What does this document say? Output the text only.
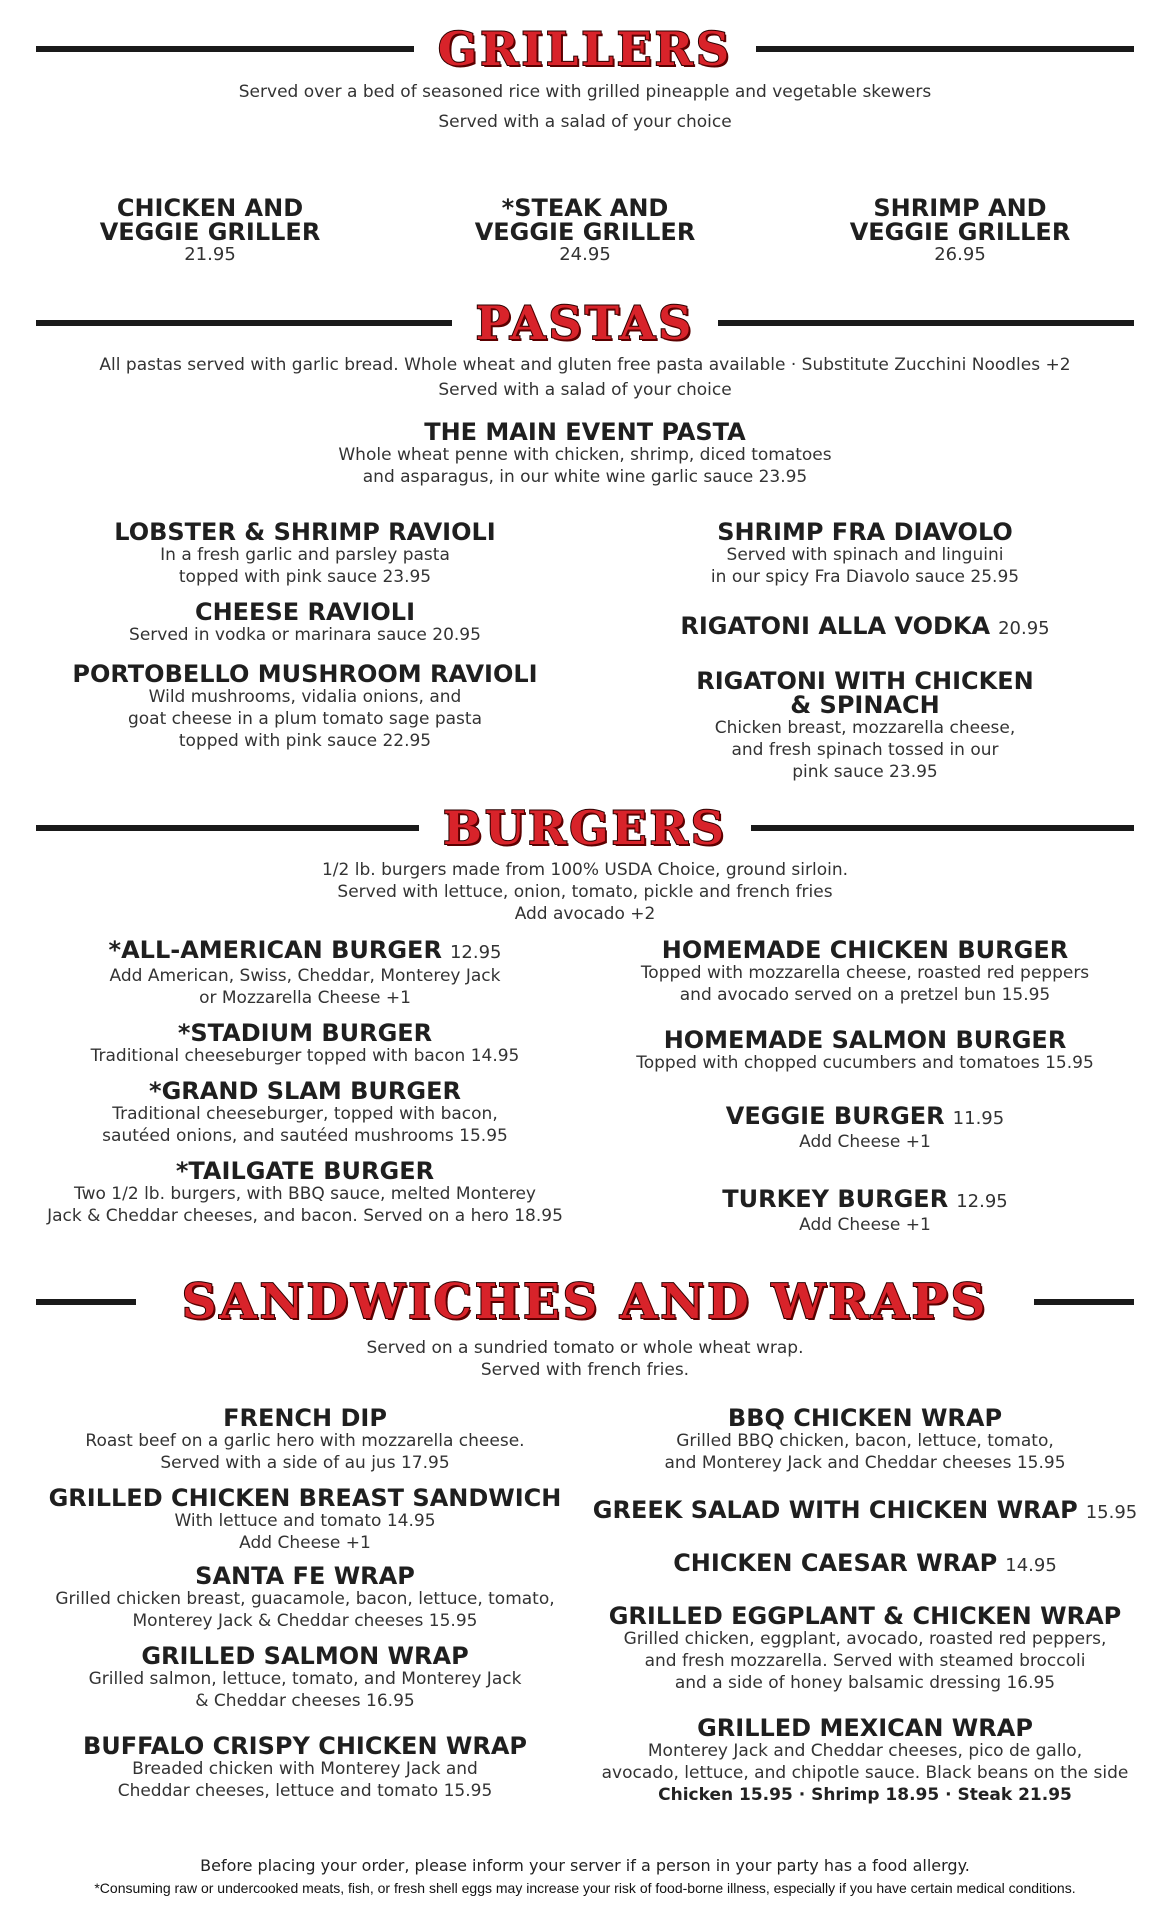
GRILLERS
Served over a bed of seasoned rice with grilled pineapple and vegetable skewers
Served with a salad of your choice
CHICKEN AND
VEGGIE GRILLER
21.95
*STEAK AND
VEGGIE GRILLER
24.95
SHRIMP AND
VEGGIE GRILLER
26.95
PASTAS
All pastas served with garlic bread. Whole wheat and gluten free pasta available · Substitute Zucchini Noodles +2
Served with a salad of your choice
THE MAIN EVENT PASTA
Whole wheat penne with chicken, shrimp, diced tomatoes
and asparagus, in our white wine garlic sauce 23.95
LOBSTER & SHRIMP RAVIOLI
In a fresh garlic and parsley pasta
topped with pink sauce 23.95
CHEESE RAVIOLI
Served in vodka or marinara sauce 20.95
PORTOBELLO MUSHROOM RAVIOLI
Wild mushrooms, vidalia onions, and
goat cheese in a plum tomato sage pasta
topped with pink sauce 22.95
SHRIMP FRA DIAVOLO
Served with spinach and linguini
in our spicy Fra Diavolo sauce 25.95
RIGATONI ALLA VODKA 20.95
RIGATONI WITH CHICKEN
& SPINACH
Chicken breast, mozzarella cheese,
and fresh spinach tossed in our
pink sauce 23.95
BURGERS
1/2 lb. burgers made from 100% USDA Choice, ground sirloin.
Served with lettuce, onion, tomato, pickle and french fries
Add avocado +2
*ALL-AMERICAN BURGER 12.95
Add American, Swiss, Cheddar, Monterey Jack
or Mozzarella Cheese +1
*STADIUM BURGER
Traditional cheeseburger topped with bacon 14.95
*GRAND SLAM BURGER
Traditional cheeseburger, topped with bacon,
sautéed onions, and sautéed mushrooms 15.95
*TAILGATE BURGER
Two 1/2 lb. burgers, with BBQ sauce, melted Monterey
Jack & Cheddar cheeses, and bacon. Served on a hero 18.95
HOMEMADE CHICKEN BURGER
Topped with mozzarella cheese, roasted red peppers
and avocado served on a pretzel bun 15.95
HOMEMADE SALMON BURGER
Topped with chopped cucumbers and tomatoes 15.95
VEGGIE BURGER 11.95
Add Cheese +1
TURKEY BURGER 12.95
Add Cheese +1
SANDWICHES AND WRAPS
Served on a sundried tomato or whole wheat wrap.
Served with french fries.
FRENCH DIP
Roast beef on a garlic hero with mozzarella cheese.
Served with a side of au jus 17.95
GRILLED CHICKEN BREAST SANDWICH
With lettuce and tomato 14.95
Add Cheese +1
SANTA FE WRAP
Grilled chicken breast, guacamole, bacon, lettuce, tomato,
Monterey Jack & Cheddar cheeses 15.95
GRILLED SALMON WRAP
Grilled salmon, lettuce, tomato, and Monterey Jack
& Cheddar cheeses 16.95
BUFFALO CRISPY CHICKEN WRAP
Breaded chicken with Monterey Jack and
Cheddar cheeses, lettuce and tomato 15.95
BBQ CHICKEN WRAP
Grilled BBQ chicken, bacon, lettuce, tomato,
and Monterey Jack and Cheddar cheeses 15.95
GREEK SALAD WITH CHICKEN WRAP 15.95
CHICKEN CAESAR WRAP 14.95
GRILLED EGGPLANT & CHICKEN WRAP
Grilled chicken, eggplant, avocado, roasted red peppers,
and fresh mozzarella. Served with steamed broccoli
and a side of honey balsamic dressing 16.95
GRILLED MEXICAN WRAP
Monterey Jack and Cheddar cheeses, pico de gallo,
avocado, lettuce, and chipotle sauce. Black beans on the side
Chicken 15.95 · Shrimp 18.95 · Steak 21.95
Before placing your order, please inform your server if a person in your party has a food allergy.
*Consuming raw or undercooked meats, fish, or fresh shell eggs may increase your risk of food-borne illness, especially if you have certain medical conditions.
